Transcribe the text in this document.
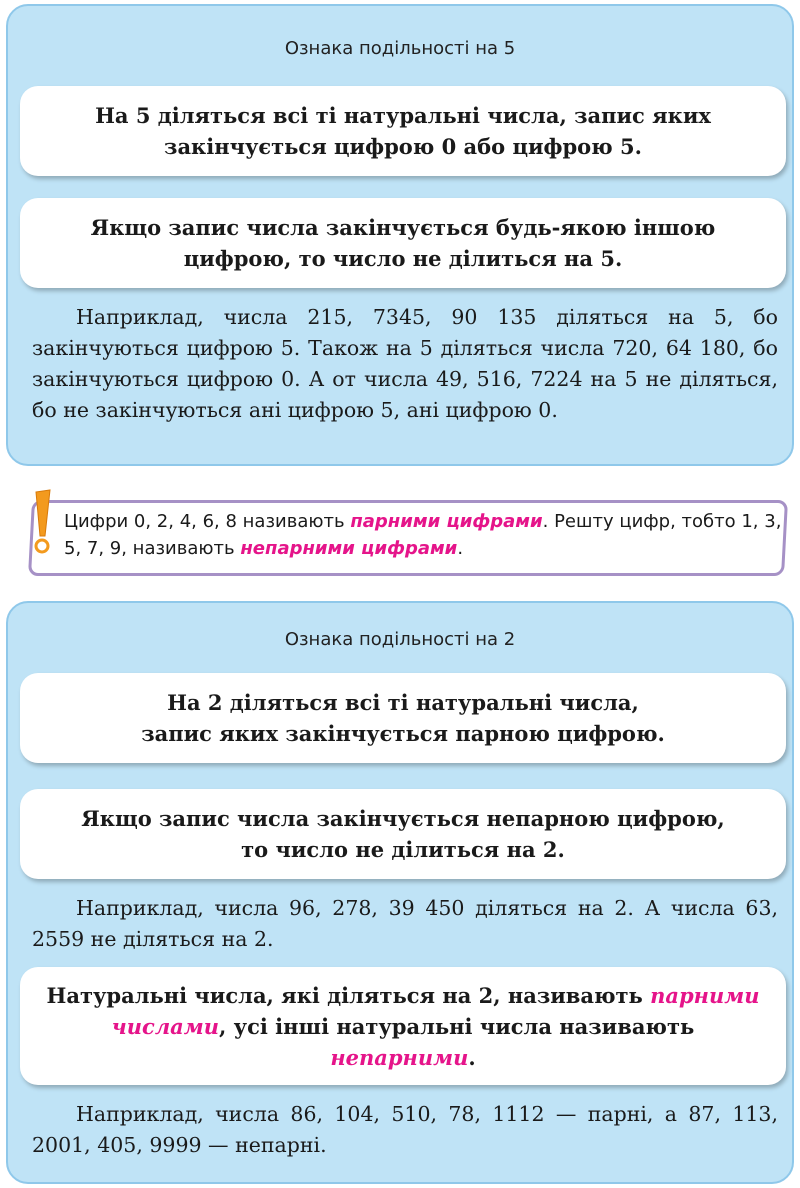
Ознака подільності на 5
На 5 діляться всі ті натуральні числа, запис яких
закінчується цифрою 0 або цифрою 5.
Якщо запис числа закінчується будь-якою іншою
цифрою, то число не ділиться на 5.
Наприклад, числа 215, 7345, 90 135 діляться на 5, бо закінчуються цифрою 5. Також на 5 діляться числа 720, 64 180, бо закінчуються цифрою 0. А от числа 49, 516, 7224 на 5 не діляться, бо не закінчуються ані цифрою 5, ані цифрою 0.
Цифри 0, 2, 4, 6, 8 називають парними цифрами. Решту цифр, тобто 1, 3, 5, 7, 9, називають непарними цифрами.
Ознака подільності на 2
На 2 діляться всі ті натуральні числа,
запис яких закінчується парною цифрою.
Якщо запис числа закінчується непарною цифрою,
то число не ділиться на 2.
Наприклад, числа 96, 278, 39 450 діляться на 2. А числа 63, 2559 не діляться на 2.
Натуральні числа, які діляться на 2, називають парними числами, усі інші натуральні числа називають непарними.
Наприклад, числа 86, 104, 510, 78, 1112 — парні, а 87, 113, 2001, 405, 9999 — непарні.
